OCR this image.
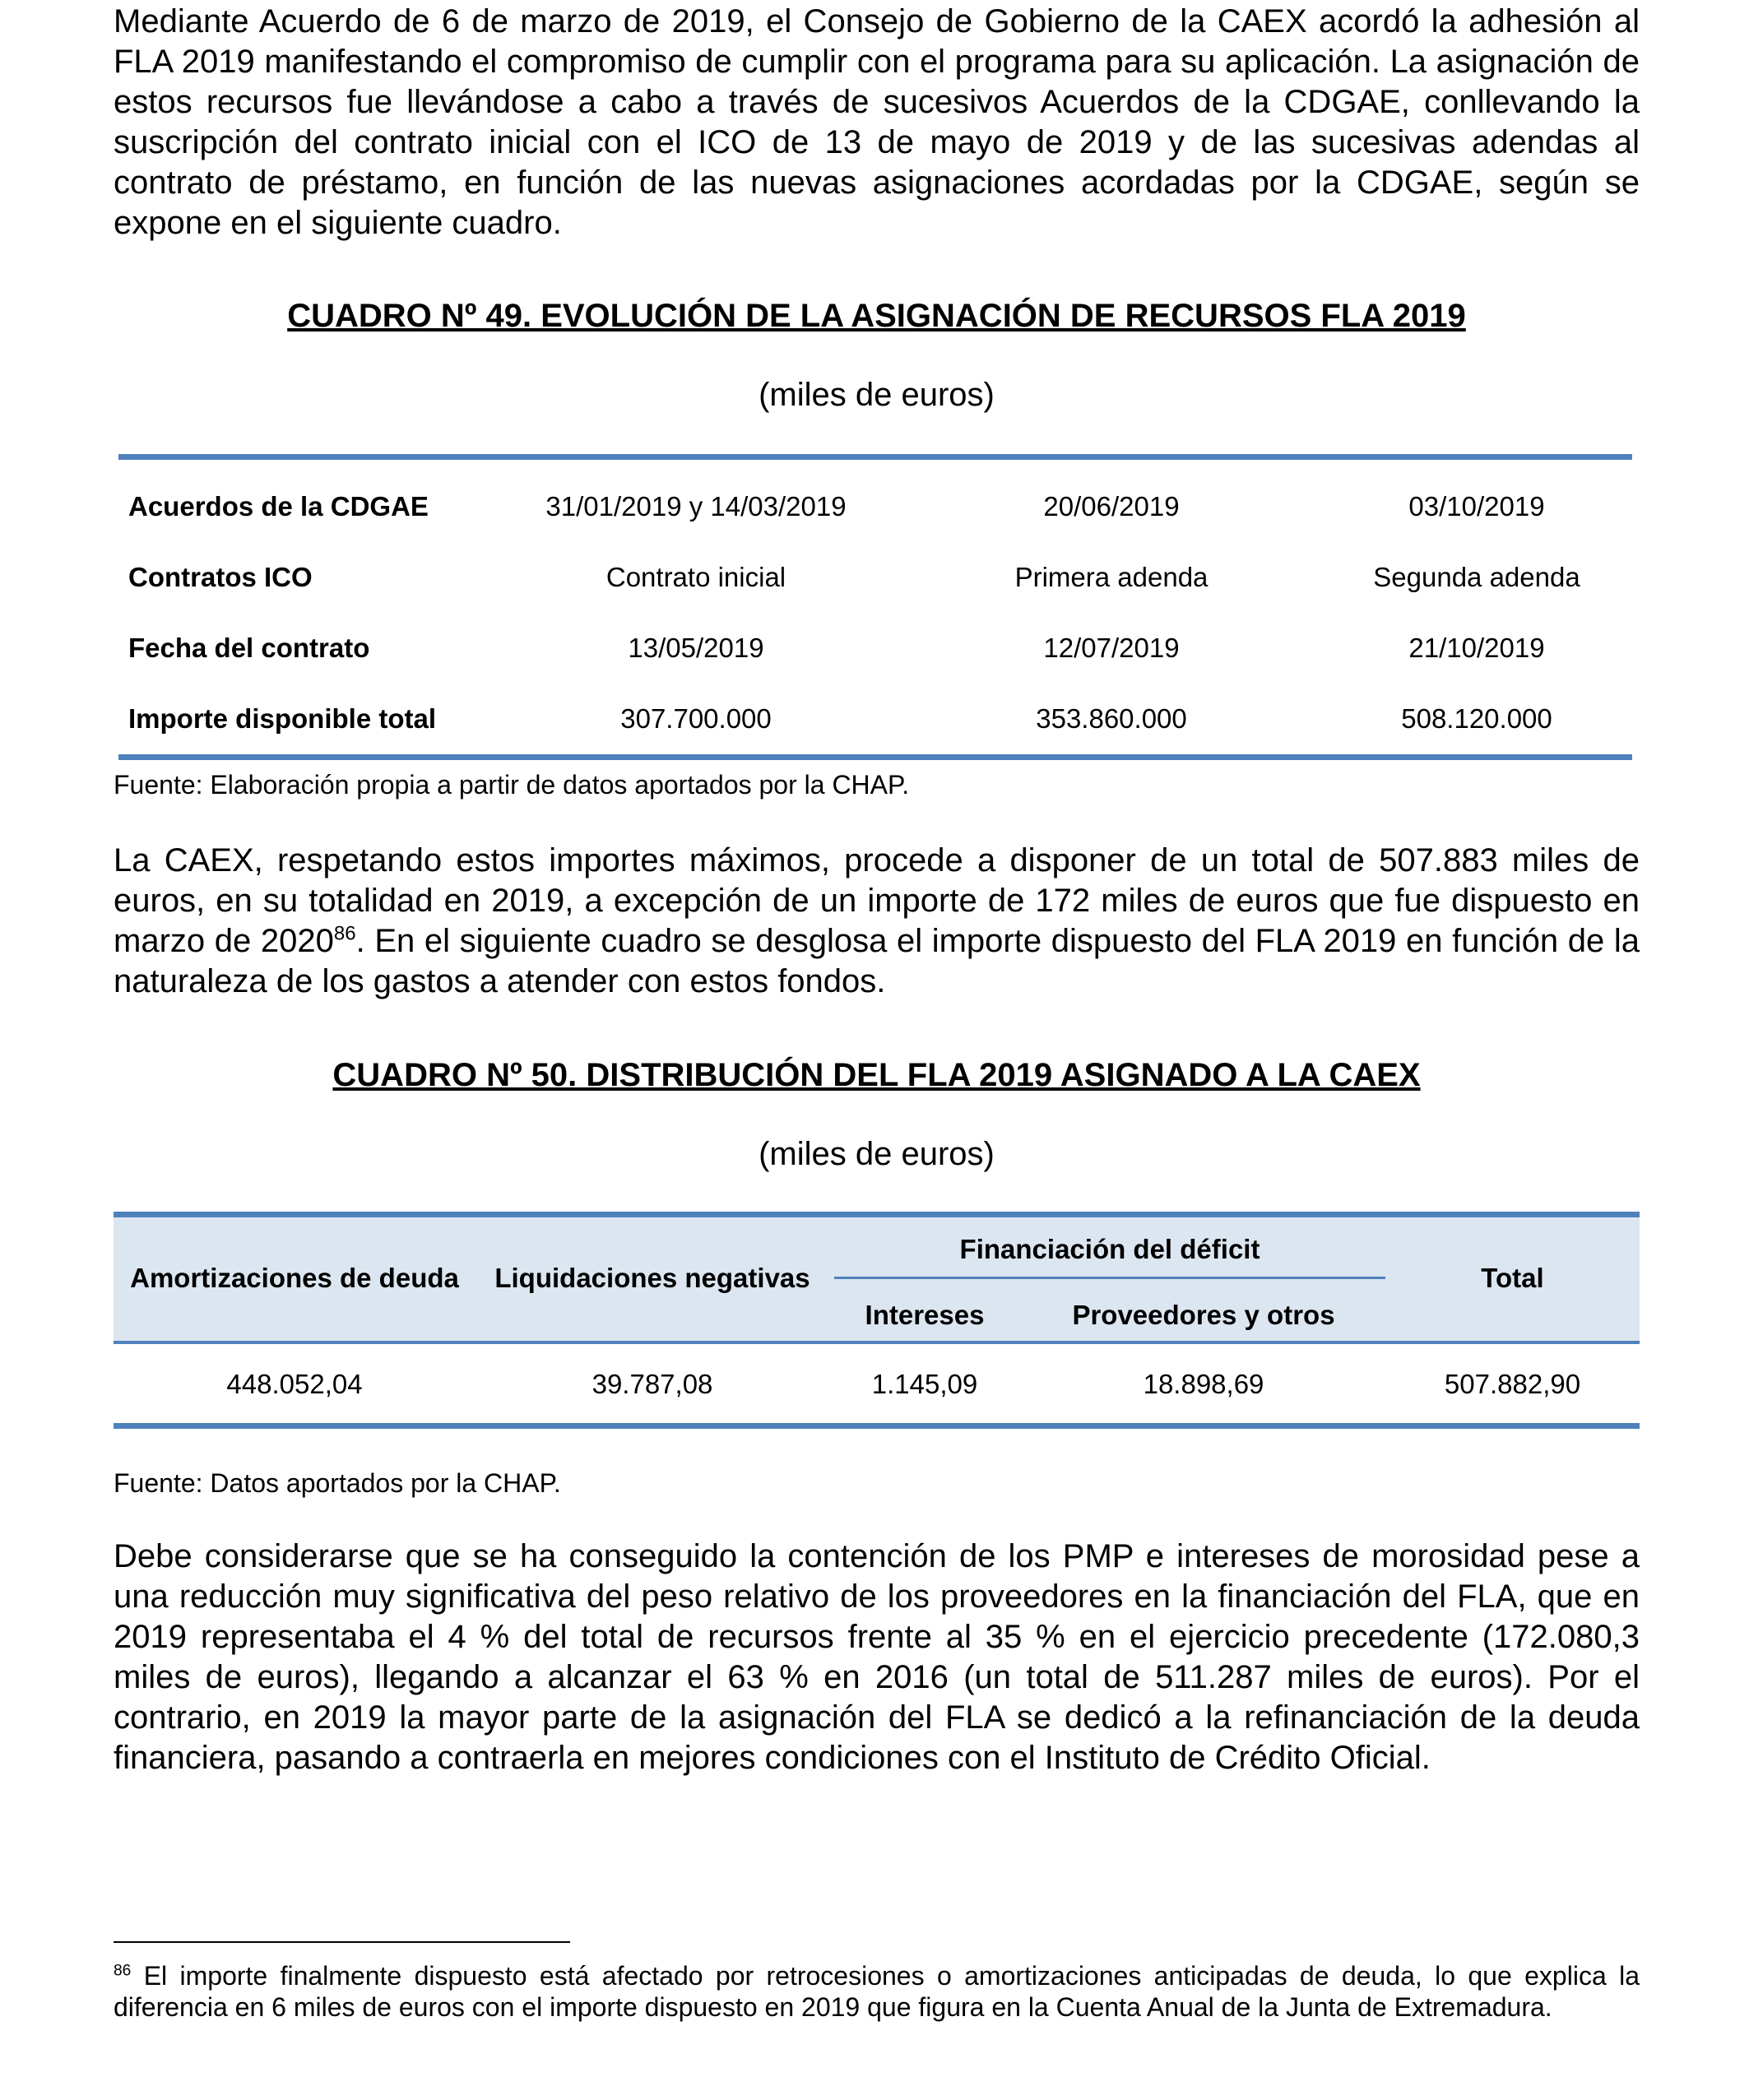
Mediante Acuerdo de 6 de marzo de 2019, el Consejo de Gobierno de la CAEX acordó la adhesión al FLA 2019 manifestando el compromiso de cumplir con el programa para su aplicación. La asignación de estos recursos fue llevándose a cabo a través de sucesivos Acuerdos de la CDGAE, conllevando la suscripción del contrato inicial con el ICO de 13 de mayo de 2019 y de las sucesivas adendas al contrato de préstamo, en función de las nuevas asignaciones acordadas por la CDGAE, según se expone en el siguiente cuadro.

CUADRO Nº 49. EVOLUCIÓN DE LA ASIGNACIÓN DE RECURSOS FLA 2019
(miles de euros)
Acuerdos de la CDGAE	31/01/2019 y 14/03/2019	20/06/2019	03/10/2019
Contratos ICO	Contrato inicial	Primera adenda	Segunda adenda
Fecha del contrato	13/05/2019	12/07/2019	21/10/2019
Importe disponible total	307.700.000	353.860.000	508.120.000
Fuente: Elaboración propia a partir de datos aportados por la CHAP.

La CAEX, respetando estos importes máximos, procede a disponer de un total de 507.883 miles de euros, en su totalidad en 2019, a excepción de un importe de 172 miles de euros que fue dispuesto en marzo de 2020$^{86}$. En el siguiente cuadro se desglosa el importe dispuesto del FLA 2019 en función de la naturaleza de los gastos a atender con estos fondos.

CUADRO Nº 50. DISTRIBUCIÓN DEL FLA 2019 ASIGNADO A LA CAEX
(miles de euros)
Amortizaciones de deuda	Liquidaciones negativas
Financiación del déficit
Intereses	Proveedores y otros
Total
448.052,04	39.787,08	1.145,09	18.898,69	507.882,90
Fuente: Datos aportados por la CHAP.

Debe considerarse que se ha conseguido la contención de los PMP e intereses de morosidad pese a una reducción muy significativa del peso relativo de los proveedores en la financiación del FLA, que en 2019 representaba el 4 % del total de recursos frente al 35 % en el ejercicio precedente (172.080,3 miles de euros), llegando a alcanzar el 63 % en 2016 (un total de 511.287 miles de euros). Por el contrario, en 2019 la mayor parte de la asignación del FLA se dedicó a la refinanciación de la deuda financiera, pasando a contraerla en mejores condiciones con el Instituto de Crédito Oficial.

$^{86}$ El importe finalmente dispuesto está afectado por retrocesiones o amortizaciones anticipadas de deuda, lo que explica la diferencia en 6 miles de euros con el importe dispuesto en 2019 que figura en la Cuenta Anual de la Junta de Extremadura.
